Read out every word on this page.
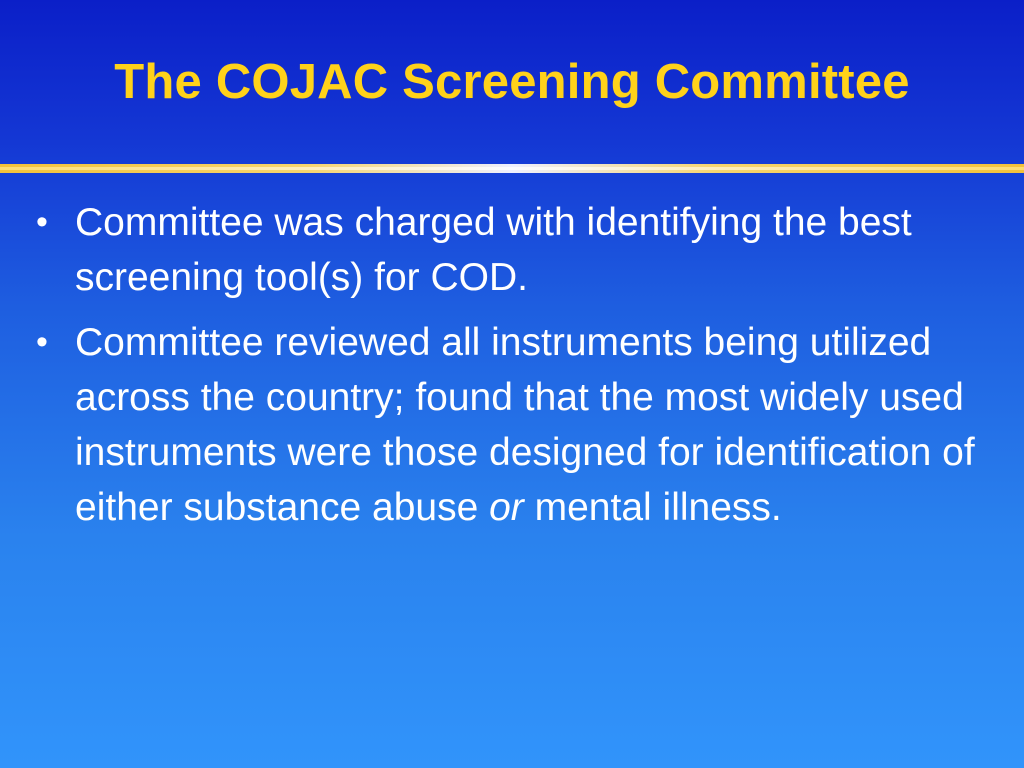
The COJAC Screening Committee
• Committee was charged with identifying the best screening tool(s) for COD.
• Committee reviewed all instruments being utilized across the country; found that the most widely used instruments were those designed for identification of either substance abuse or mental illness.
